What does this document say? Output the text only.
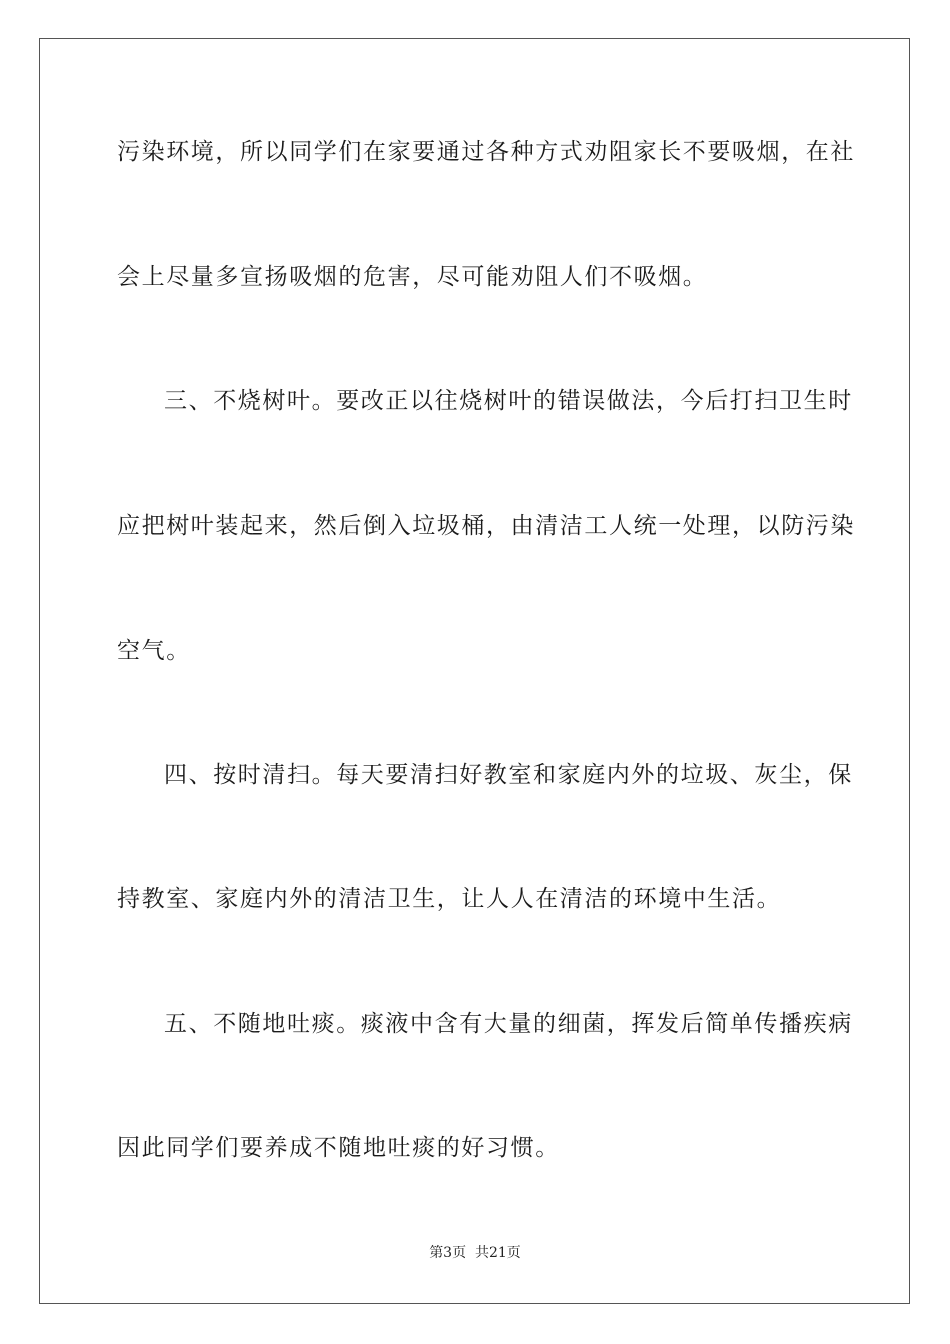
污染环境，所以同学们在家要通过各种方式劝阻家长不要吸烟，在社
会上尽量多宣扬吸烟的危害，尽可能劝阻人们不吸烟。
三、不烧树叶。要改正以往烧树叶的错误做法，今后打扫卫生时
应把树叶装起来，然后倒入垃圾桶，由清洁工人统一处理，以防污染
空气。
四、按时清扫。每天要清扫好教室和家庭内外的垃圾、灰尘，保
持教室、家庭内外的清洁卫生，让人人在清洁的环境中生活。
五、不随地吐痰。痰液中含有大量的细菌，挥发后简单传播疾病
因此同学们要养成不随地吐痰的好习惯。
第3页  共21页
